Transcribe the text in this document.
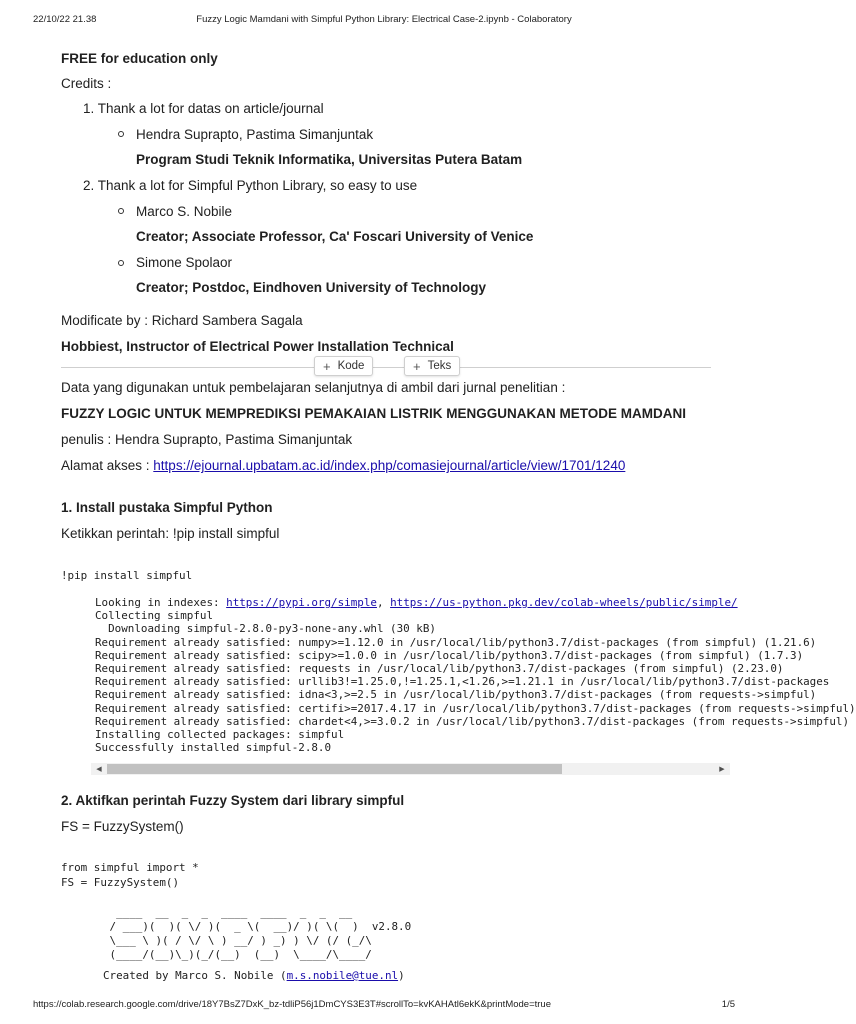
22/10/22 21.38	Fuzzy Logic Mamdani with Simpful Python Library: Electrical Case-2.ipynb - Colaboratory
FREE for education only
Credits :
1. Thank a lot for datas on article/journal
Hendra Suprapto, Pastima Simanjuntak
Program Studi Teknik Informatika, Universitas Putera Batam
2. Thank a lot for Simpful Python Library, so easy to use
Marco S. Nobile
Creator; Associate Professor, Ca' Foscari University of Venice
Simone Spolaor
Creator; Postdoc, Eindhoven University of Technology
Modificate by : Richard Sambera Sagala
Hobbiest, Instructor of Electrical Power Installation Technical
+ Kode	+ Teks
Data yang digunakan untuk pembelajaran selanjutnya di ambil dari jurnal penelitian :
FUZZY LOGIC UNTUK MEMPREDIKSI PEMAKAIAN LISTRIK MENGGUNAKAN METODE MAMDANI
penulis : Hendra Suprapto, Pastima Simanjuntak
Alamat akses : https://ejournal.upbatam.ac.id/index.php/comasiejournal/article/view/1701/1240
1. Install pustaka Simpful Python
Ketikkan perintah: !pip install simpful
!pip install simpful
Looking in indexes: https://pypi.org/simple, https://us-python.pkg.dev/colab-wheels/public/simple/
Collecting simpful
Downloading simpful-2.8.0-py3-none-any.whl (30 kB)
Requirement already satisfied: numpy>=1.12.0 in /usr/local/lib/python3.7/dist-packages (from simpful) (1.21.6)
Requirement already satisfied: scipy>=1.0.0 in /usr/local/lib/python3.7/dist-packages (from simpful) (1.7.3)
Requirement already satisfied: requests in /usr/local/lib/python3.7/dist-packages (from simpful) (2.23.0)
Requirement already satisfied: urllib3!=1.25.0,!=1.25.1,<1.26,>=1.21.1 in /usr/local/lib/python3.7/dist-packages
Requirement already satisfied: idna<3,>=2.5 in /usr/local/lib/python3.7/dist-packages (from requests->simpful)
Requirement already satisfied: certifi>=2017.4.17 in /usr/local/lib/python3.7/dist-packages (from requests->simpful)
Requirement already satisfied: chardet<4,>=3.0.2 in /usr/local/lib/python3.7/dist-packages (from requests->simpful)
Installing collected packages: simpful
Successfully installed simpful-2.8.0
◀	▶
2. Aktifkan perintah Fuzzy System dari library simpful
FS = FuzzySystem()
from simpful import *
FS = FuzzySystem()
____  __  _  _  ____  ____  _  _  __
/ ___)(  )( \/ )(  _ \(  __)/ )( \(  )  v2.8.0
\___ \ )( / \/ \ ) __/ ) _) ) \/ (/ (_/\
(____/(__)\_)(_/(__)  (__)  \____/\____/
Created by Marco S. Nobile (m.s.nobile@tue.nl)
https://colab.research.google.com/drive/18Y7BsZ7DxK_bz-tdliP56j1DmCYS3E3T#scrollTo=kvKAHAtl6ekK&printMode=true	1/5
